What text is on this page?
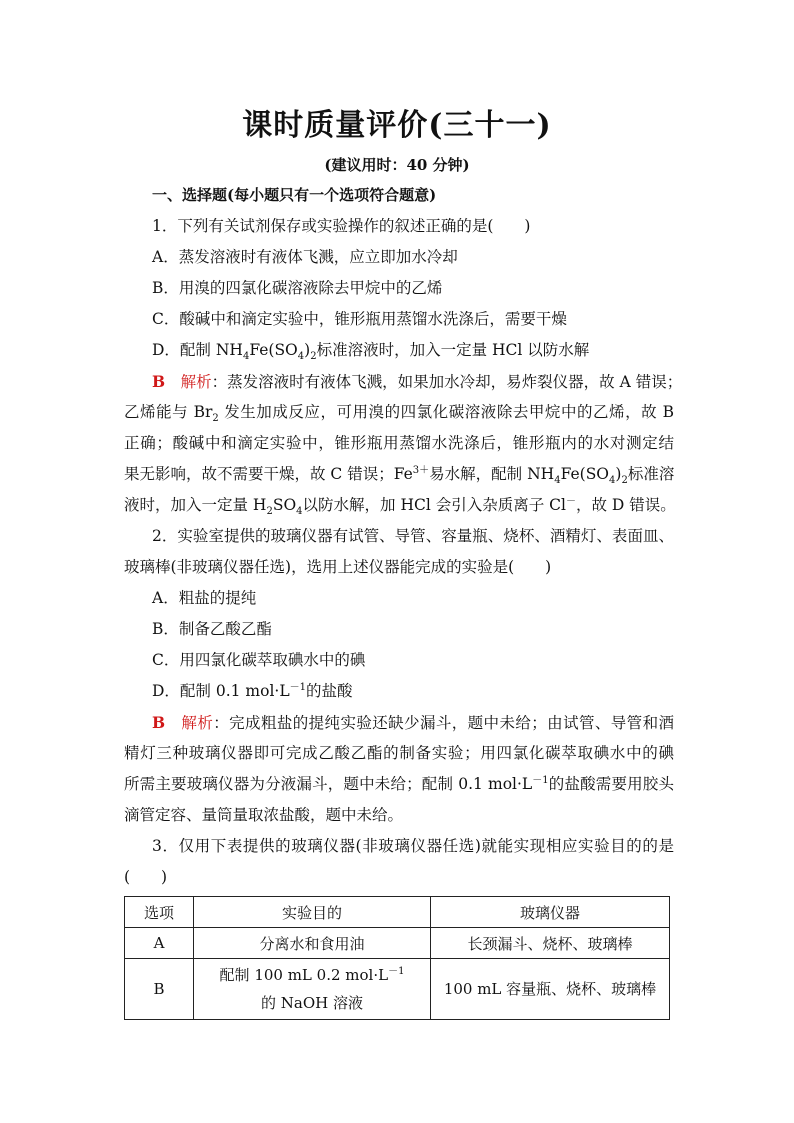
课时质量评价(三十一)
(建议用时：40 分钟)
一、选择题(每小题只有一个选项符合题意)
1．下列有关试剂保存或实验操作的叙述正确的是(　　)
A．蒸发溶液时有液体飞溅，应立即加水冷却
B．用溴的四氯化碳溶液除去甲烷中的乙烯
C．酸碱中和滴定实验中，锥形瓶用蒸馏水洗涤后，需要干燥
D．配制 $NH_4Fe(SO_4)_2$标准溶液时，加入一定量 HCl 以防水解
B　 解析：蒸发溶液时有液体飞溅，如果加水冷却，易炸裂仪器，故 A 错误；
乙烯能与 $Br_2$ 发生加成反应，可用溴的四氯化碳溶液除去甲烷中的乙烯，故 B
正确；酸碱中和滴定实验中，锥形瓶用蒸馏水洗涤后，锥形瓶内的水对测定结
果无影响，故不需要干燥，故 C 错误；$Fe^{3+}$易水解，配制 $NH_4Fe(SO_4)_2$标准溶
液时，加入一定量 $H_2SO_4$以防水解，加 HCl 会引入杂质离子 Cl－，故 D 错误。
2．实验室提供的玻璃仪器有试管、导管、容量瓶、烧杯、酒精灯、表面皿、
玻璃棒(非玻璃仪器任选)，选用上述仪器能完成的实验是(　　)
A．粗盐的提纯
B．制备乙酸乙酯
C．用四氯化碳萃取碘水中的碘
D．配制 0.1 $mol\cdot L^{-1}$的盐酸
B　 解析：完成粗盐的提纯实验还缺少漏斗，题中未给；由试管、导管和酒
精灯三种玻璃仪器即可完成乙酸乙酯的制备实验；用四氯化碳萃取碘水中的碘
所需主要玻璃仪器为分液漏斗，题中未给；配制 0.1 $mol\cdot L^{-1}$的盐酸需要用胶头
滴管定容、量筒量取浓盐酸，题中未给。
3．仅用下表提供的玻璃仪器(非玻璃仪器任选)就能实现相应实验目的的是
(　　)
选项	实验目的	玻璃仪器
A	分离水和食用油	长颈漏斗、烧杯、玻璃棒
B	配制 100 mL 0.2 $mol\cdot L^{-1}$
的 NaOH 溶液	100 mL 容量瓶、烧杯、玻璃棒
